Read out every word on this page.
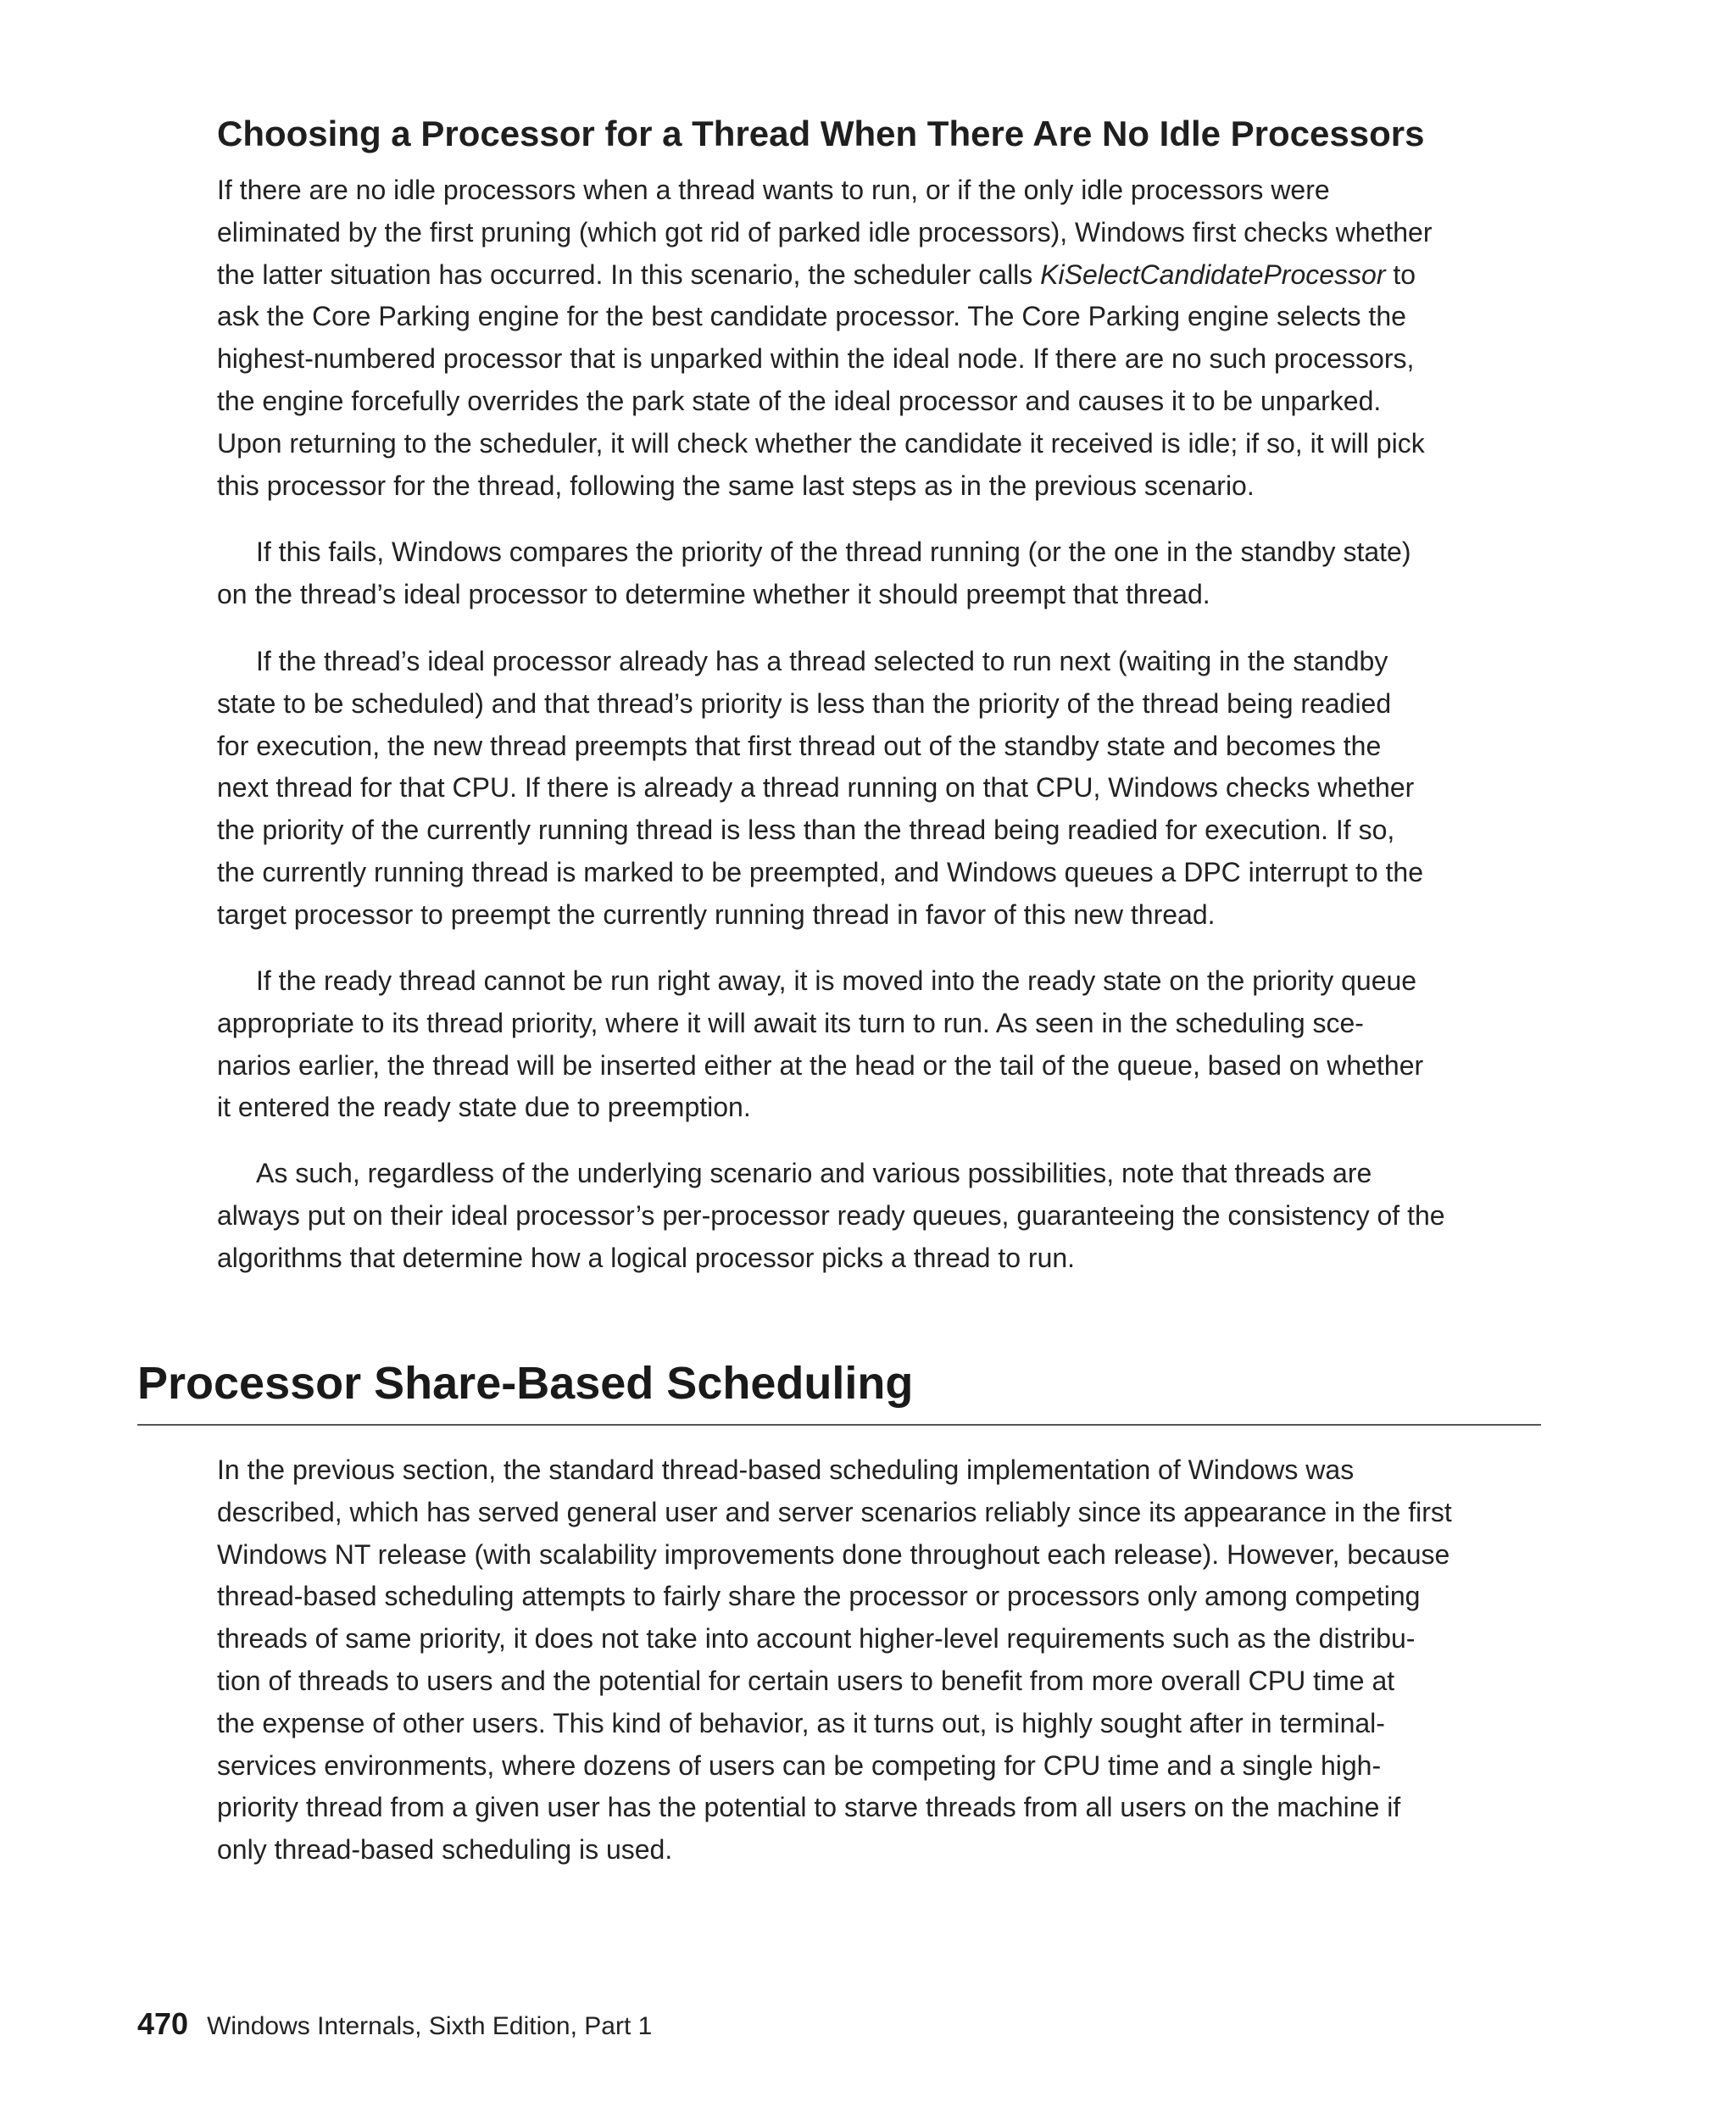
Choosing a Processor for a Thread When There Are No Idle Processors
If there are no idle processors when a thread wants to run, or if the only idle processors were
eliminated by the first pruning (which got rid of parked idle processors), Windows first checks whether
the latter situation has occurred. In this scenario, the scheduler calls KiSelectCandidateProcessor to
ask the Core Parking engine for the best candidate processor. The Core Parking engine selects the
highest-numbered processor that is unparked within the ideal node. If there are no such processors,
the engine forcefully overrides the park state of the ideal processor and causes it to be unparked.
Upon returning to the scheduler, it will check whether the candidate it received is idle; if so, it will pick
this processor for the thread, following the same last steps as in the previous scenario.
If this fails, Windows compares the priority of the thread running (or the one in the standby state)
on the thread’s ideal processor to determine whether it should preempt that thread.
If the thread’s ideal processor already has a thread selected to run next (waiting in the standby
state to be scheduled) and that thread’s priority is less than the priority of the thread being readied
for execution, the new thread preempts that first thread out of the standby state and becomes the
next thread for that CPU. If there is already a thread running on that CPU, Windows checks whether
the priority of the currently running thread is less than the thread being readied for execution. If so,
the currently running thread is marked to be preempted, and Windows queues a DPC interrupt to the
target processor to preempt the currently running thread in favor of this new thread.
If the ready thread cannot be run right away, it is moved into the ready state on the priority queue
appropriate to its thread priority, where it will await its turn to run. As seen in the scheduling sce-
narios earlier, the thread will be inserted either at the head or the tail of the queue, based on whether
it entered the ready state due to preemption.
As such, regardless of the underlying scenario and various possibilities, note that threads are
always put on their ideal processor’s per-processor ready queues, guaranteeing the consistency of the
algorithms that determine how a logical processor picks a thread to run.
Processor Share-Based Scheduling
In the previous section, the standard thread-based scheduling implementation of Windows was
described, which has served general user and server scenarios reliably since its appearance in the first
Windows NT release (with scalability improvements done throughout each release). However, because
thread-based scheduling attempts to fairly share the processor or processors only among competing
threads of same priority, it does not take into account higher-level requirements such as the distribu-
tion of threads to users and the potential for certain users to benefit from more overall CPU time at
the expense of other users. This kind of behavior, as it turns out, is highly sought after in terminal-
services environments, where dozens of users can be competing for CPU time and a single high-
priority thread from a given user has the potential to starve threads from all users on the machine if
only thread-based scheduling is used.
470 Windows Internals, Sixth Edition, Part 1
